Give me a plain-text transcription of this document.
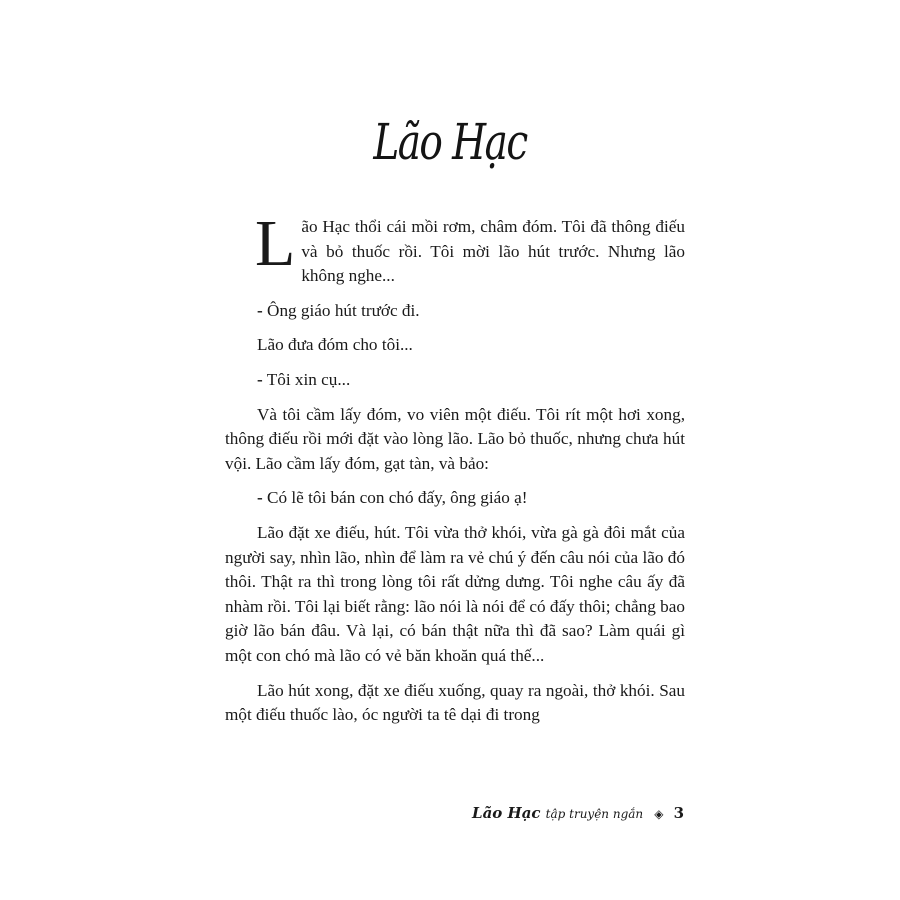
Lão Hạc

Lão Hạc thổi cái mồi rơm, châm đóm. Tôi đã thông điếu và bỏ thuốc rồi. Tôi mời lão hút trước. Nhưng lão không nghe...

- Ông giáo hút trước đi.

Lão đưa đóm cho tôi...

- Tôi xin cụ...

Và tôi cầm lấy đóm, vo viên một điếu. Tôi rít một hơi xong, thông điếu rồi mới đặt vào lòng lão. Lão bỏ thuốc, nhưng chưa hút vội. Lão cầm lấy đóm, gạt tàn, và bảo:

- Có lẽ tôi bán con chó đấy, ông giáo ạ!

Lão đặt xe điếu, hút. Tôi vừa thở khói, vừa gà gà đôi mắt của người say, nhìn lão, nhìn để làm ra vẻ chú ý đến câu nói của lão đó thôi. Thật ra thì trong lòng tôi rất dửng dưng. Tôi nghe câu ấy đã nhàm rồi. Tôi lại biết rằng: lão nói là nói để có đấy thôi; chẳng bao giờ lão bán đâu. Và lại, có bán thật nữa thì đã sao? Làm quái gì một con chó mà lão có vẻ băn khoăn quá thế...

Lão hút xong, đặt xe điếu xuống, quay ra ngoài, thở khói. Sau một điếu thuốc lào, óc người ta tê dại đi trong

Lão Hạc tập truyện ngắn ◈ 3
